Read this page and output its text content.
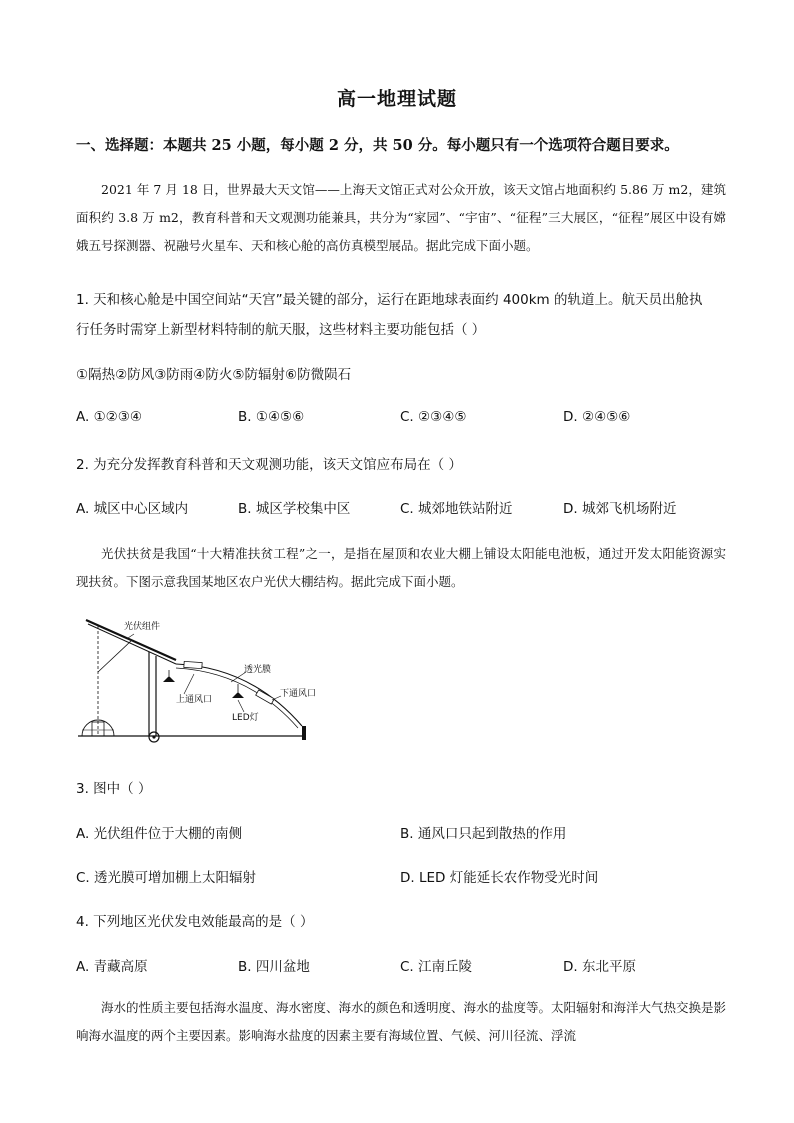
高一地理试题
一、选择题：本题共 25 小题，每小题 2 分，共 50 分。每小题只有一个选项符合题目要求。
2021 年 7 月 18 日，世界最大天文馆——上海天文馆正式对公众开放，该天文馆占地面积约 5.86 万 m2，建筑面积约 3.8 万 m2，教育科普和天文观测功能兼具，共分为“家园”、“宇宙”、“征程”三大展区，“征程”展区中设有嫦娥五号探测器、祝融号火星车、天和核心舱的高仿真模型展品。据此完成下面小题。
1. 天和核心舱是中国空间站“天宫”最关键的部分，运行在距地球表面约 400km 的轨道上。航天员出舱执
行任务时需穿上新型材料特制的航天服，这些材料主要功能包括（ ）
①隔热②防风③防雨④防火⑤防辐射⑥防微陨石
A. ①②③④	B. ①④⑤⑥	C. ②③④⑤	D. ②④⑤⑥
2. 为充分发挥教育科普和天文观测功能，该天文馆应布局在（ ）
A. 城区中心区域内	B. 城区学校集中区	C. 城郊地铁站附近	D. 城郊飞机场附近
光伏扶贫是我国“十大精准扶贫工程”之一，是指在屋顶和农业大棚上铺设太阳能电池板，通过开发太阳能资源实现扶贫。下图示意我国某地区农户光伏大棚结构。据此完成下面小题。
光伏组件
透光膜
上通风口
下通风口
LED灯
3. 图中（ ）
A. 光伏组件位于大棚的南侧	B. 通风口只起到散热的作用
C. 透光膜可增加棚上太阳辐射	D. LED 灯能延长农作物受光时间
4. 下列地区光伏发电效能最高的是（ ）
A. 青藏高原	B. 四川盆地	C. 江南丘陵	D. 东北平原
海水的性质主要包括海水温度、海水密度、海水的颜色和透明度、海水的盐度等。太阳辐射和海洋大气热交换是影响海水温度的两个主要因素。影响海水盐度的因素主要有海域位置、气候、河川径流、浮流
